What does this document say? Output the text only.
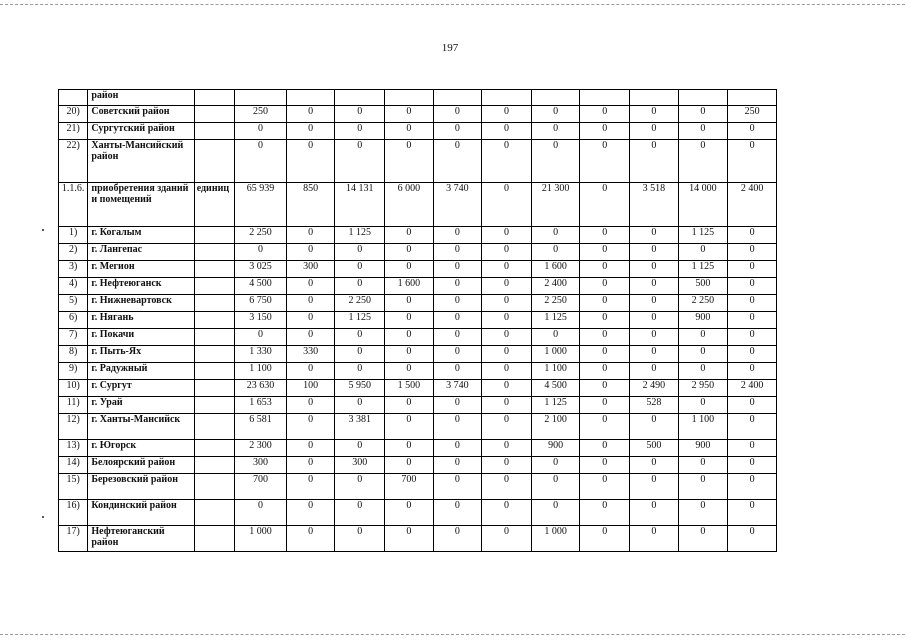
197
	район												
20)	Советский район		250	0	0	0	0	0	0	0	0	0	250
21)	Сургутский район		0	0	0	0	0	0	0	0	0	0	0
22)	Ханты-Мансийский район		0	0	0	0	0	0	0	0	0	0	0
1.1.6.	приобретения зданий и помещений	единиц	65 939	850	14 131	6 000	3 740	0	21 300	0	3 518	14 000	2 400
1)	г. Когалым		2 250	0	1 125	0	0	0	0	0	0	1 125	0
2)	г. Лангепас		0	0	0	0	0	0	0	0	0	0	0
3)	г. Мегион		3 025	300	0	0	0	0	1 600	0	0	1 125	0
4)	г. Нефтеюганск		4 500	0	0	1 600	0	0	2 400	0	0	500	0
5)	г. Нижневартовск		6 750	0	2 250	0	0	0	2 250	0	0	2 250	0
6)	г. Нягань		3 150	0	1 125	0	0	0	1 125	0	0	900	0
7)	г. Покачи		0	0	0	0	0	0	0	0	0	0	0
8)	г. Пыть-Ях		1 330	330	0	0	0	0	1 000	0	0	0	0
9)	г. Радужный		1 100	0	0	0	0	0	1 100	0	0	0	0
10)	г. Сургут		23 630	100	5 950	1 500	3 740	0	4 500	0	2 490	2 950	2 400
11)	г. Урай		1 653	0	0	0	0	0	1 125	0	528	0	0
12)	г. Ханты-Мансийск		6 581	0	3 381	0	0	0	2 100	0	0	1 100	0
13)	г. Югорск		2 300	0	0	0	0	0	900	0	500	900	0
14)	Белоярский район		300	0	300	0	0	0	0	0	0	0	0
15)	Березовский район		700	0	0	700	0	0	0	0	0	0	0
16)	Кондинский район		0	0	0	0	0	0	0	0	0	0	0
17)	Нефтеюганский район		1 000	0	0	0	0	0	1 000	0	0	0	0
